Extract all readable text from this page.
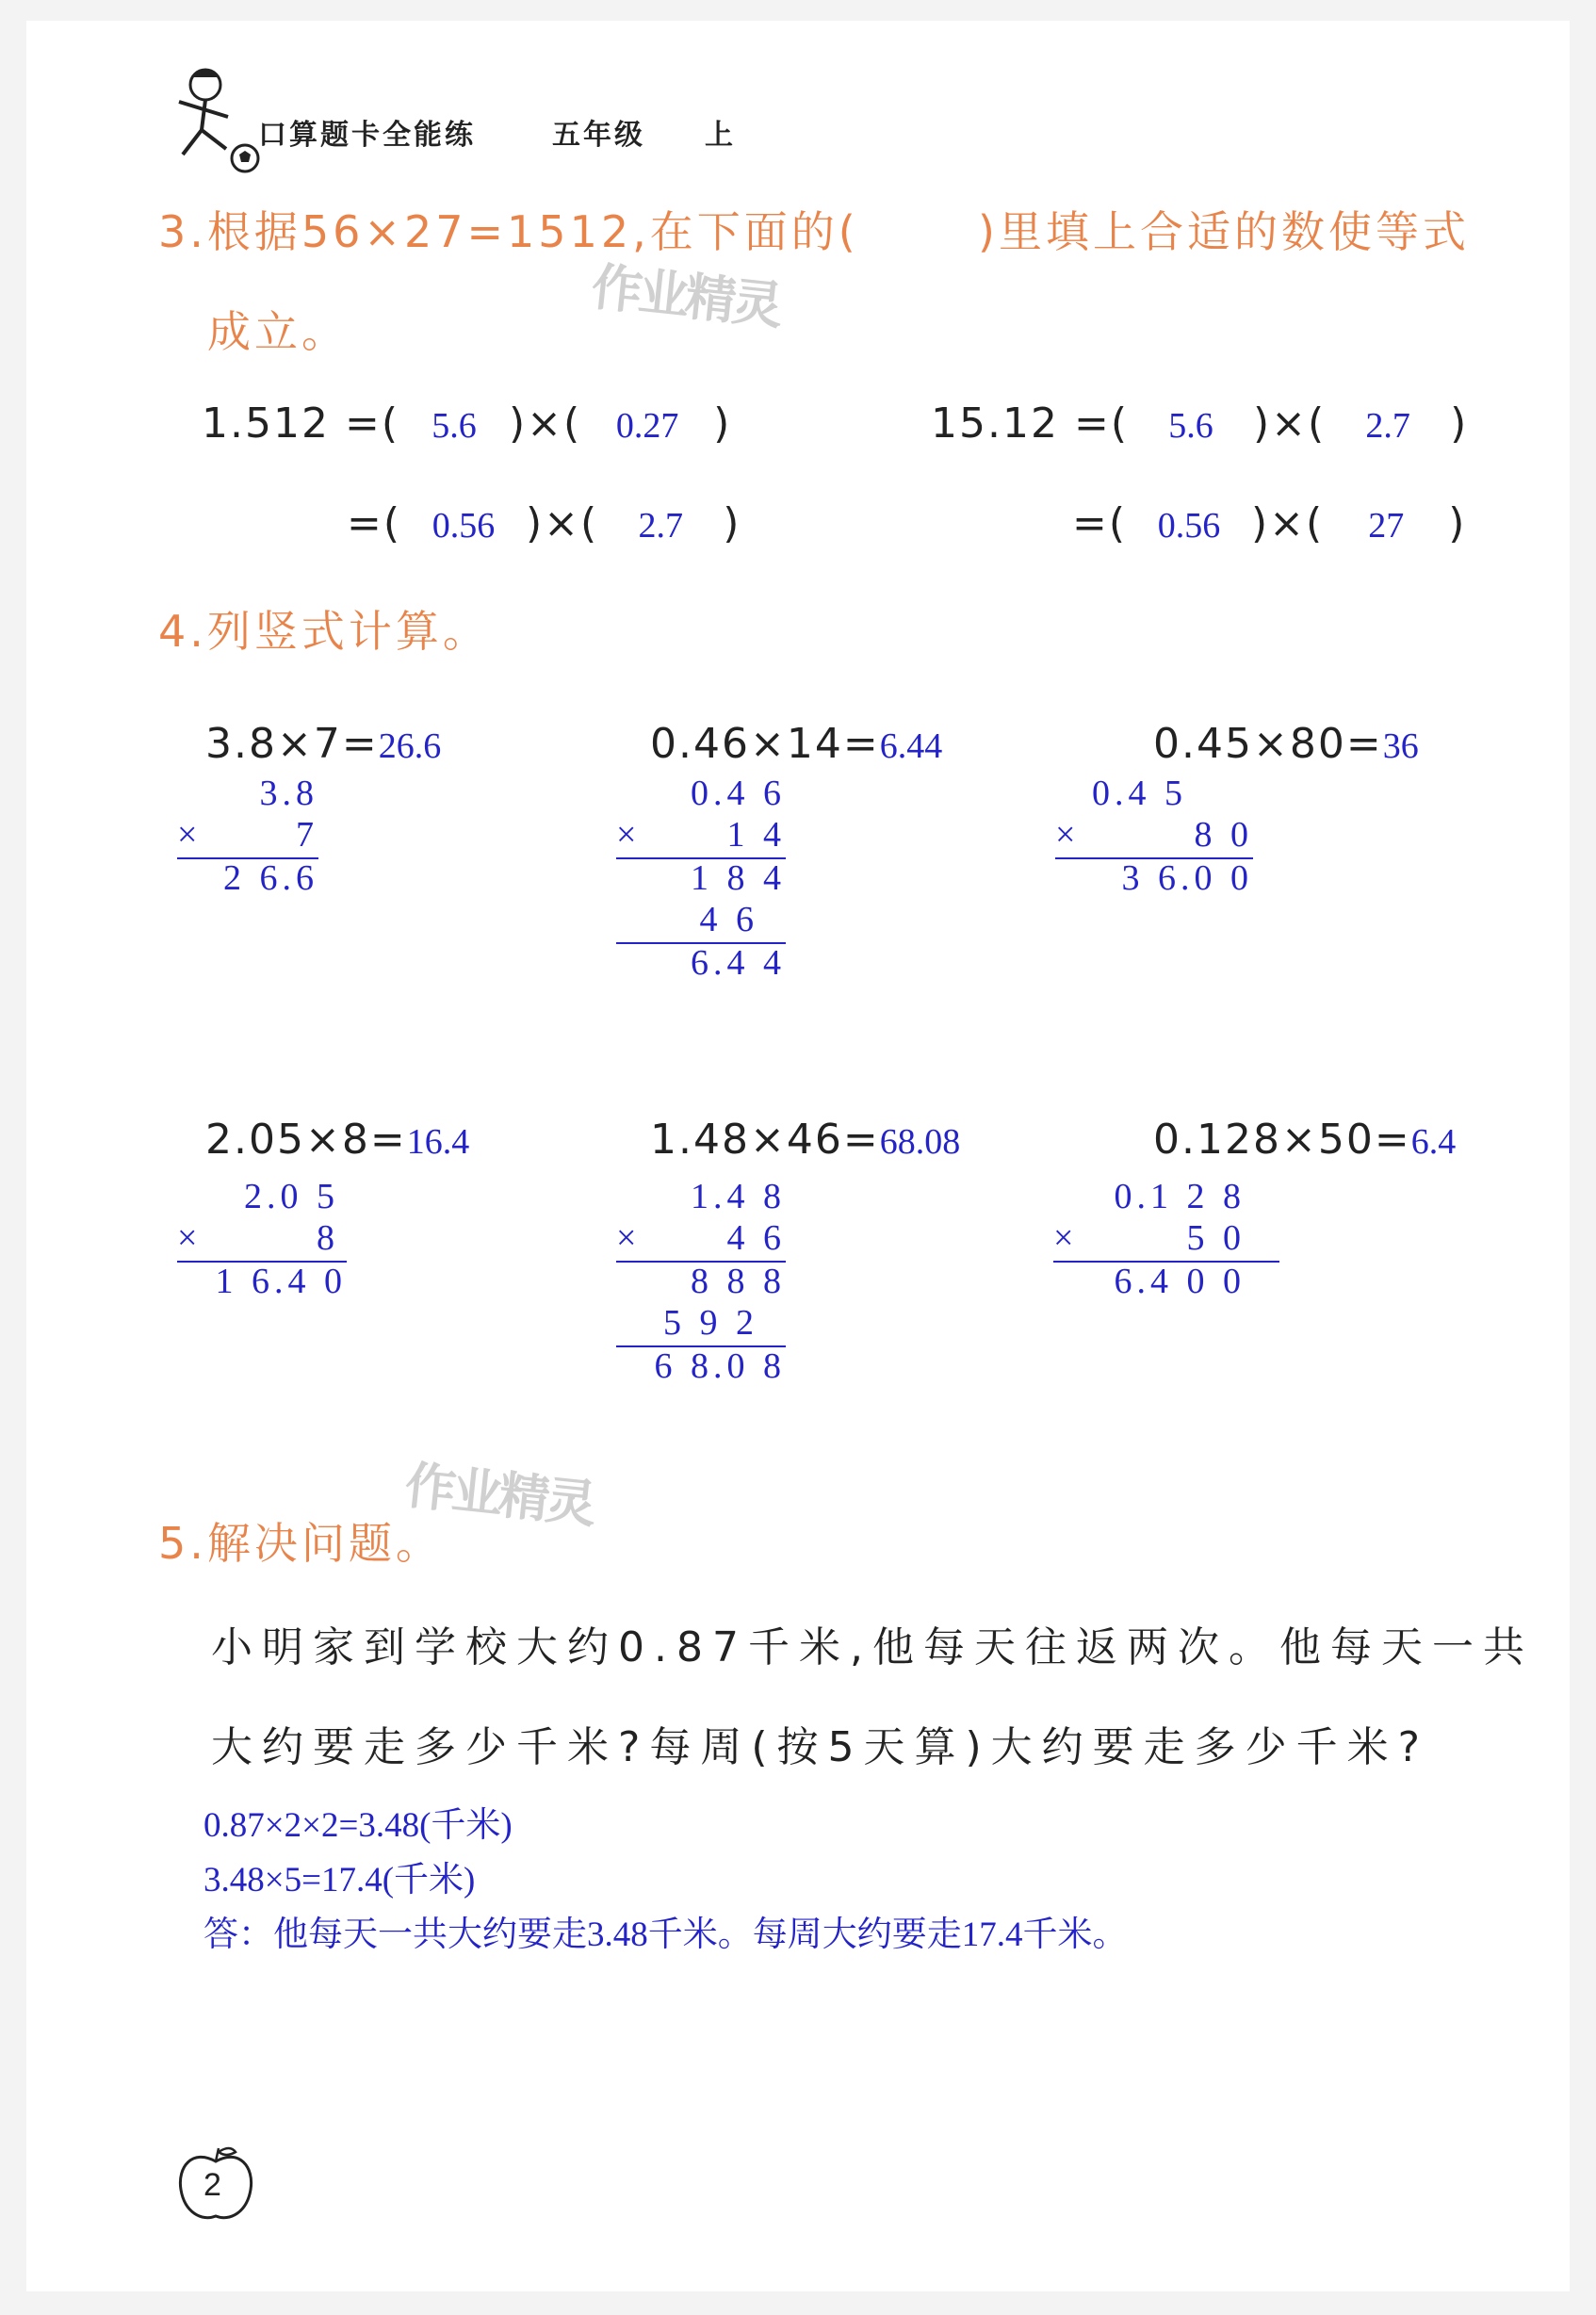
口算题卡全能练	五年级 上
3.根据56×27=1512,在下面的(	)里填上合适的数使等式
作业精灵
成立。
1.512 =( 5.6 )×( 0.27 )
=( 0.56 )×( 2.7 )
15.12 =( 5.6 )×( 2.7 )
=( 0.56 )×( 27 )
4.列竖式计算。
3.8×7=26.6
3.8
×	7
2 6.6
0.46×14=6.44
0.4 6
×	1 4
1 8 4
4 6
6.4 4
0.45×80=36
0.4 5
×	8 0
3 6.0 0
2.05×8=16.4
2.0 5
×	8
1 6.4 0
1.48×46=68.08
1.4 8
×	4 6
8 8 8
5 9 2
6 8.0 8
0.128×50=6.4
0.1 2 8
×	5 0
6.4 0 0
作业精灵
5.解决问题。
小明家到学校大约0.87千米,他每天往返两次。他每天一共
大约要走多少千米?每周(按5天算)大约要走多少千米?
0.87×2×2=3.48(千米)
3.48×5=17.4(千米)
答：他每天一共大约要走3.48千米。每周大约要走17.4千米。
2
